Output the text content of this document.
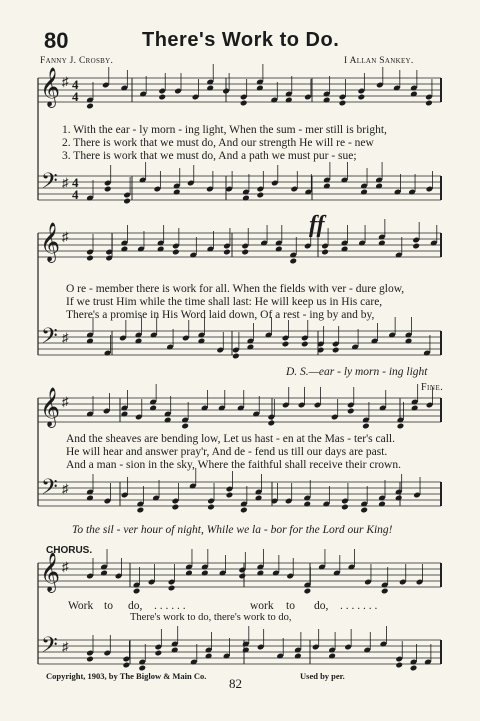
80	There's Work to Do.
Fanny J. Crosby.	I Allan Sankey.
𝄞
𝄢
♯
♯
4
4
4
4
𝄞
𝄢
♯
♯
𝄞
𝄢
♯
♯
𝄞
𝄢
♯
♯
1. With the ear - ly morn - ing light, When the sum - mer still is bright,
2. There is work that we must do, And our strength He will re - new
3. There is work that we must do, And a path we must pur - sue;
ff
O re - member there is work for all. When the fields with ver - dure glow,
If we trust Him while the time shall last: He will keep us in His care,
There's a promise in His Word laid down, Of a rest - ing by and by,
D. S.—ear - ly morn - ing light
Fine.
And the sheaves are bending low, Let us hast - en at the Mas - ter's call.
He will hear and answer pray'r, And de - fend us till our days are past.
And a man - sion in the sky, Where the faithful shall receive their crown.
To the sil - ver hour of night, While we la - bor for the Lord our King!
CHORUS.
Work to do, . . . . . .	work to do, . . . . . . .
There's work to do, there's work to do,
Copyright, 1903, by The Biglow & Main Co.	Used by per.
82
